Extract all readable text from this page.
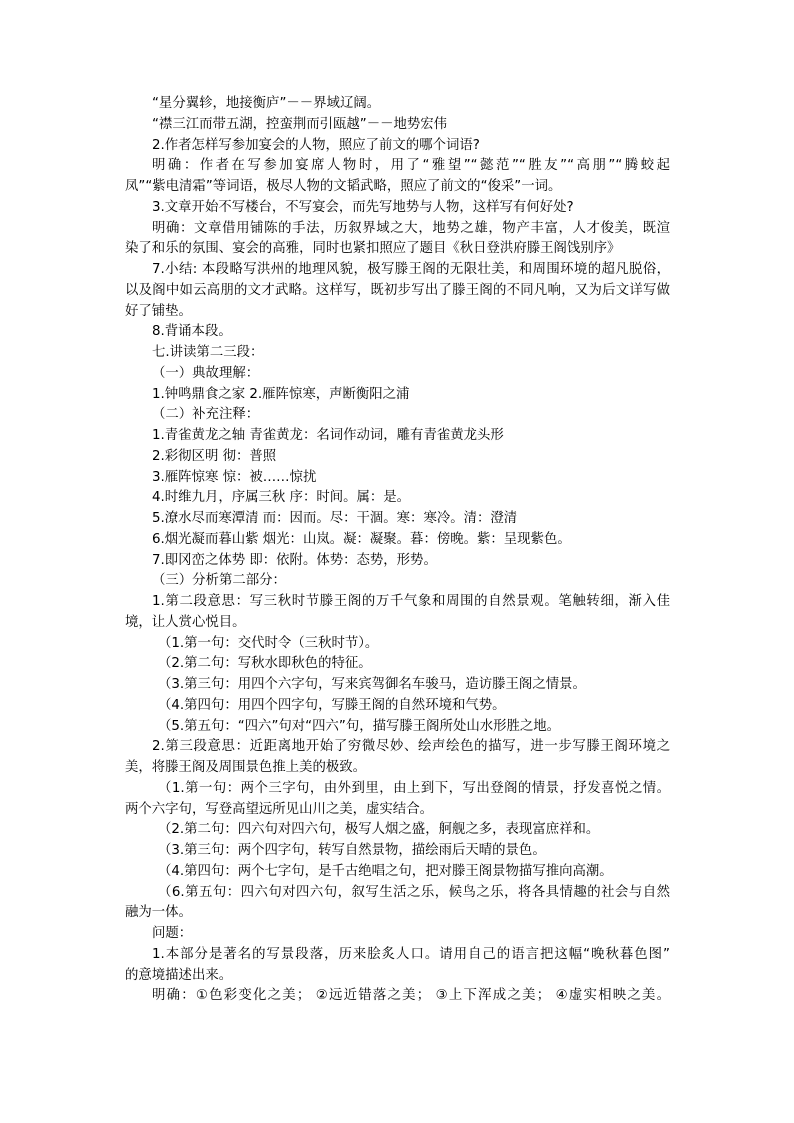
“星分翼轸，地接衡庐”－－界域辽阔。
“襟三江而带五湖，控蛮荆而引瓯越”－－地势宏伟
2.作者怎样写参加宴会的人物，照应了前文的哪个词语?
明确：作者在写参加宴席人物时，用了“雅望”“懿范”“胜友”“高朋”“腾蛟起
凤”“紫电清霜”等词语，极尽人物的文韬武略，照应了前文的“俊采”一词。
3.文章开始不写楼台，不写宴会，而先写地势与人物，这样写有何好处?
明确：文章借用铺陈的手法，历叙界域之大，地势之雄，物产丰富，人才俊美，既渲
染了和乐的氛围、宴会的高雅，同时也紧扣照应了题目《秋日登洪府滕王阁饯别序》
7.小结: 本段略写洪州的地理风貌，极写滕王阁的无限壮美，和周围环境的超凡脱俗，
以及阁中如云高朋的文才武略。这样写，既初步写出了滕王阁的不同凡响，又为后文详写做
好了铺垫。
8.背诵本段。
七.讲读第二三段：
（一）典故理解：
1.钟鸣鼎食之家 2.雁阵惊寒，声断衡阳之浦
（二）补充注释：
1.青雀黄龙之轴 青雀黄龙：名词作动词，雕有青雀黄龙头形
2.彩彻区明 彻：普照
3.雁阵惊寒 惊：被……惊扰
4.时维九月，序属三秋 序：时间。属：是。
5.潦水尽而寒潭清 而：因而。尽：干涸。寒：寒冷。清：澄清
6.烟光凝而暮山紫 烟光：山岚。凝：凝聚。暮：傍晚。紫：呈现紫色。
7.即冈峦之体势 即：依附。体势：态势，形势。
（三）分析第二部分：
1.第二段意思：写三秋时节滕王阁的万千气象和周围的自然景观。笔触转细，渐入佳
境，让人赏心悦目。
（1.第一句：交代时令（三秋时节）。
（2.第二句：写秋水即秋色的特征。
（3.第三句：用四个六字句，写来宾驾御名车骏马，造访滕王阁之情景。
（4.第四句：用四个四字句，写滕王阁的自然环境和气势。
（5.第五句：“四六”句对“四六”句，描写滕王阁所处山水形胜之地。
2.第三段意思：近距离地开始了穷微尽妙、绘声绘色的描写，进一步写滕王阁环境之
美，将滕王阁及周围景色推上美的极致。
（1.第一句：两个三字句，由外到里，由上到下，写出登阁的情景，抒发喜悦之情。
两个六字句，写登高望远所见山川之美，虚实结合。
（2.第二句：四六句对四六句，极写人烟之盛，舸舰之多，表现富庶祥和。
（3.第三句：两个四字句，转写自然景物，描绘雨后天晴的景色。
（4.第四句：两个七字句，是千古绝唱之句，把对滕王阁景物描写推向高潮。
（6.第五句：四六句对四六句，叙写生活之乐，候鸟之乐，将各具情趣的社会与自然
融为一体。
问题：
1.本部分是著名的写景段落，历来脍炙人口。请用自己的语言把这幅“晚秋暮色图”
的意境描述出来。
明确：①色彩变化之美； ②远近错落之美； ③上下浑成之美； ④虚实相映之美。
